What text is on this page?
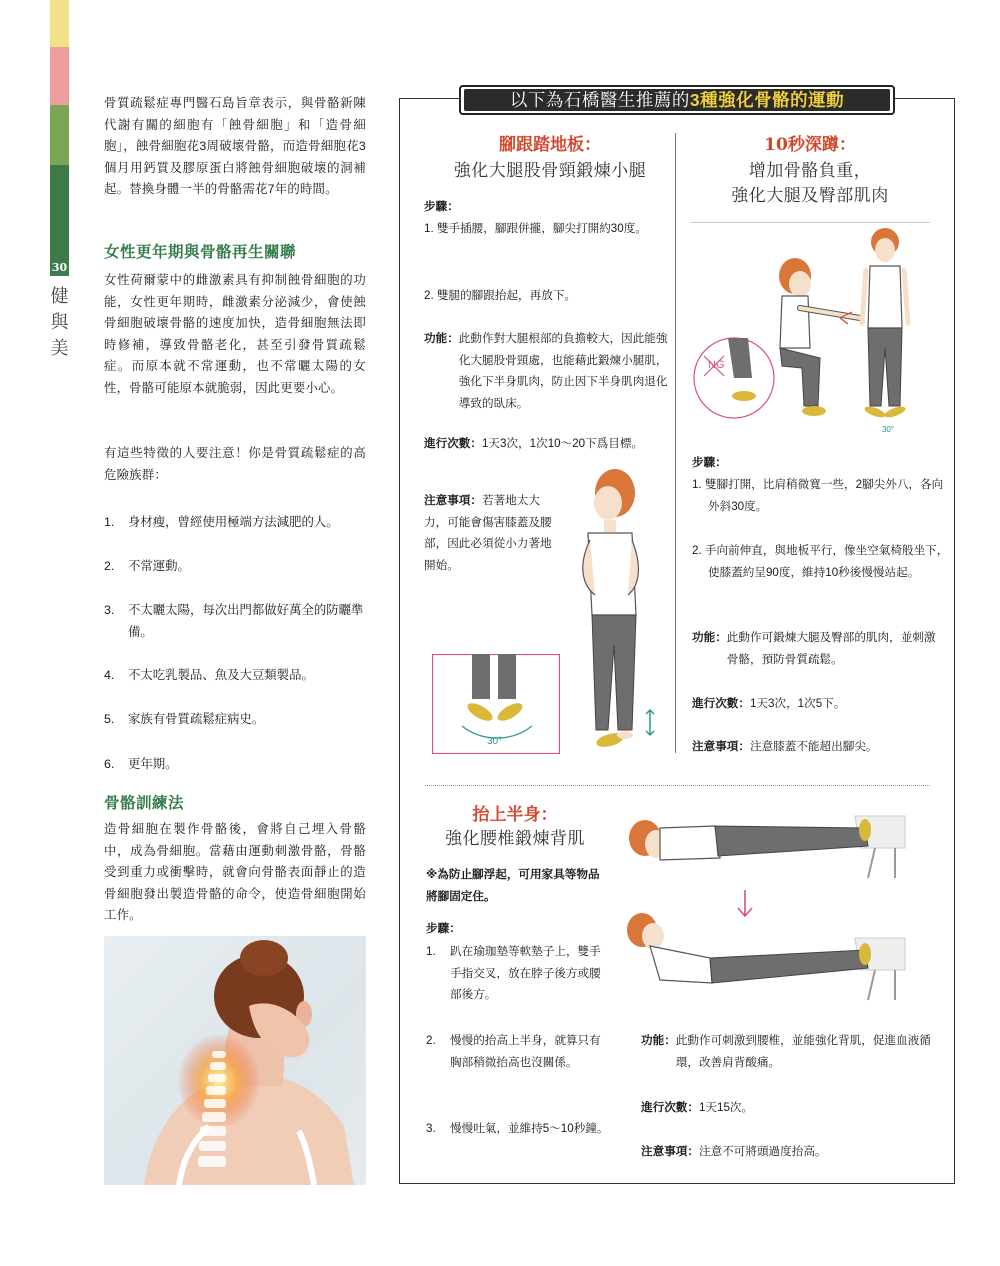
30
健
與
美

骨質疏鬆症專門醫石島旨章表示，與骨骼新陳代謝有關的細胞有「蝕骨細胞」和「造骨細胞」，蝕骨細胞花3周破壞骨骼，而造骨細胞花3個月用鈣質及膠原蛋白將蝕骨細胞破壞的洞補起。替換身體一半的骨骼需花7年的時間。

女性更年期與骨骼再生關聯

女性荷爾蒙中的雌激素具有抑制蝕骨細胞的功能，女性更年期時，雌激素分泌減少，會使蝕骨細胞破壞骨骼的速度加快，造骨細胞無法即時修補，導致骨骼老化，甚至引發骨質疏鬆症。而原本就不常運動，也不常曬太陽的女性，骨骼可能原本就脆弱，因此更要小心。

有這些特徵的人要注意！你是骨質疏鬆症的高危險族群：

1. 身材瘦，曾經使用極端方法減肥的人。
2. 不常運動。
3. 不太曬太陽，每次出門都做好萬全的防曬準備。
4. 不太吃乳製品、魚及大豆類製品。
5. 家族有骨質疏鬆症病史。
6. 更年期。
骨骼訓練法

造骨細胞在製作骨骼後，會將自己埋入骨骼中，成為骨細胞。當藉由運動刺激骨骼，骨骼受到重力或衝擊時，就會向骨骼表面靜止的造骨細胞發出製造骨骼的命令，使造骨細胞開始工作。

以下為石橋醫生推薦的3種強化骨骼的運動
腳跟踏地板：
強化大腿股骨頸鍛煉小腿
步驟：
1. 雙手插腰，腳跟併攏，腳尖打開約30度。
2. 雙腿的腳跟抬起，再放下。
功能： 此動作對大腿根部的負擔較大，因此能強化大腿股骨頸處，也能藉此鍛煉小腿肌，強化下半身肌肉，防止因下半身肌肉退化導致的臥床。
進行次數： 1天3次，1次10～20下爲目標。
注意事項：若著地太大力，可能會傷害膝蓋及腰部，因此必須從小力著地開始。
30°
10秒深蹲：
增加骨骼負重，
強化大腿及臀部肌肉
NG
30°
步驟：
1. 雙腳打開，比肩稍微寬一些，2腳尖外八，各向外斜30度。
2. 手向前伸直，與地板平行，像坐空氣椅般坐下，使膝蓋約呈90度，維持10秒後慢慢站起。
功能： 此動作可鍛煉大腿及臀部的肌肉，並刺激骨骼，預防骨質疏鬆。
進行次數：1天3次，1次5下。
注意事項：注意膝蓋不能超出腳尖。
抬上半身：
強化腰椎鍛煉背肌
※為防止腳浮起，可用家具等物品將腳固定住。
步驟：
1.	趴在瑜珈墊等軟墊子上，雙手手指交叉，放在脖子後方或腰部後方。
2.	慢慢的抬高上半身，就算只有胸部稍微抬高也沒關係。
3.	慢慢吐氣，並維持5～10秒鐘。
功能： 此動作可刺激到腰椎，並能強化背肌，促進血液循環，改善肩背酸痛。
進行次數：1天15次。
注意事項：注意不可將頭過度抬高。
